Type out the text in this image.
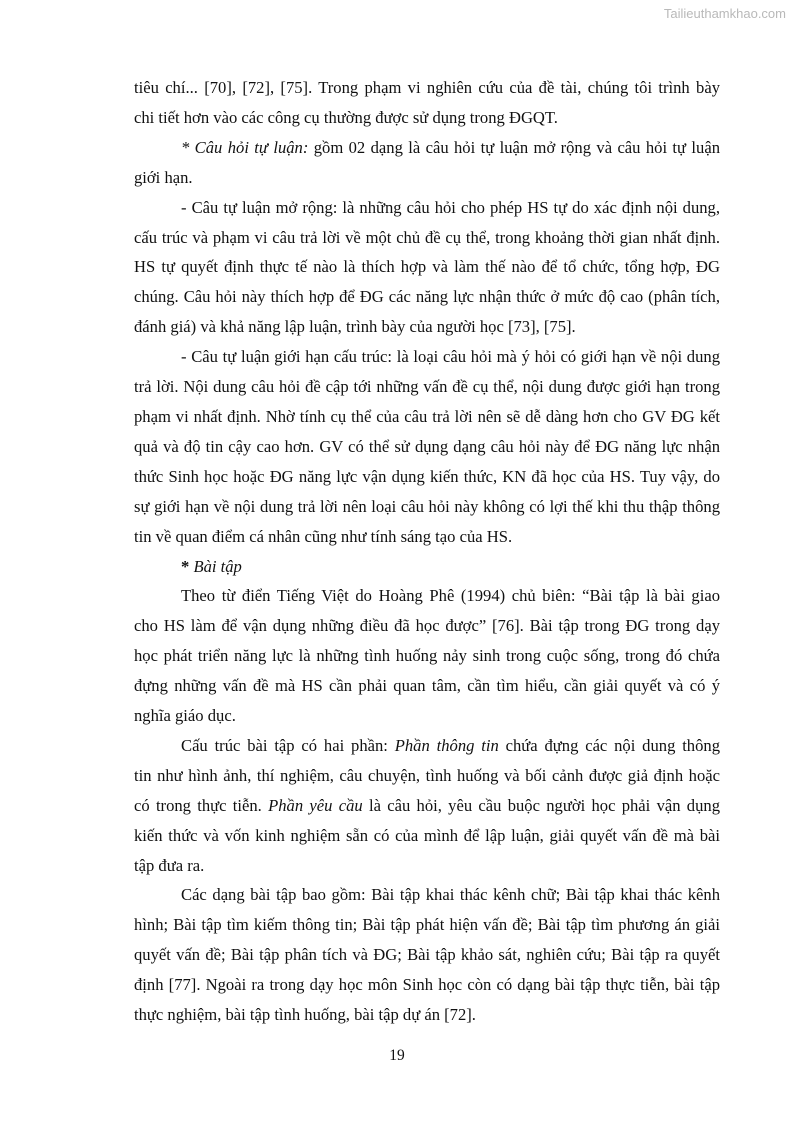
Tailieuthamkhao.com

tiêu chí... [70], [72], [75]. Trong phạm vi nghiên cứu của đề tài, chúng tôi trình bày
chi tiết hơn vào các công cụ thường được sử dụng trong ĐGQT.

* Câu hỏi tự luận: gồm 02 dạng là câu hỏi tự luận mở rộng và câu hỏi tự luận
giới hạn.

- Câu tự luận mở rộng: là những câu hỏi cho phép HS tự do xác định nội dung,
cấu trúc và phạm vi câu trả lời về một chủ đề cụ thể, trong khoảng thời gian nhất định.
HS tự quyết định thực tế nào là thích hợp và làm thế nào để tổ chức, tổng hợp, ĐG
chúng. Câu hỏi này thích hợp để ĐG các năng lực nhận thức ở mức độ cao (phân tích,
đánh giá) và khả năng lập luận, trình bày của người học [73], [75].

- Câu tự luận giới hạn cấu trúc: là loại câu hỏi mà ý hỏi có giới hạn về nội dung
trả lời. Nội dung câu hỏi đề cập tới những vấn đề cụ thể, nội dung được giới hạn trong
phạm vi nhất định. Nhờ tính cụ thể của câu trả lời nên sẽ dễ dàng hơn cho GV ĐG kết
quả và độ tin cậy cao hơn. GV có thể sử dụng dạng câu hỏi này để ĐG năng lực nhận
thức Sinh học hoặc ĐG năng lực vận dụng kiến thức, KN đã học của HS. Tuy vậy, do
sự giới hạn về nội dung trả lời nên loại câu hỏi này không có lợi thế khi thu thập thông
tin về quan điểm cá nhân cũng như tính sáng tạo của HS.

* Bài tập

Theo từ điển Tiếng Việt do Hoàng Phê (1994) chủ biên: “Bài tập là bài giao
cho HS làm để vận dụng những điều đã học được” [76]. Bài tập trong ĐG trong dạy
học phát triển năng lực là những tình huống nảy sinh trong cuộc sống, trong đó chứa
đựng những vấn đề mà HS cần phải quan tâm, cần tìm hiểu, cần giải quyết và có ý
nghĩa giáo dục.

Cấu trúc bài tập có hai phần: Phần thông tin chứa đựng các nội dung thông
tin như hình ảnh, thí nghiệm, câu chuyện, tình huống và bối cảnh được giả định hoặc
có trong thực tiễn. Phần yêu cầu là câu hỏi, yêu cầu buộc người học phải vận dụng
kiến thức và vốn kinh nghiệm sẵn có của mình để lập luận, giải quyết vấn đề mà bài
tập đưa ra.

Các dạng bài tập bao gồm: Bài tập khai thác kênh chữ; Bài tập khai thác kênh
hình; Bài tập tìm kiếm thông tin; Bài tập phát hiện vấn đề; Bài tập tìm phương án giải
quyết vấn đề; Bài tập phân tích và ĐG; Bài tập khảo sát, nghiên cứu; Bài tập ra quyết
định [77]. Ngoài ra trong dạy học môn Sinh học còn có dạng bài tập thực tiễn, bài tập
thực nghiệm, bài tập tình huống, bài tập dự án [72].

19
